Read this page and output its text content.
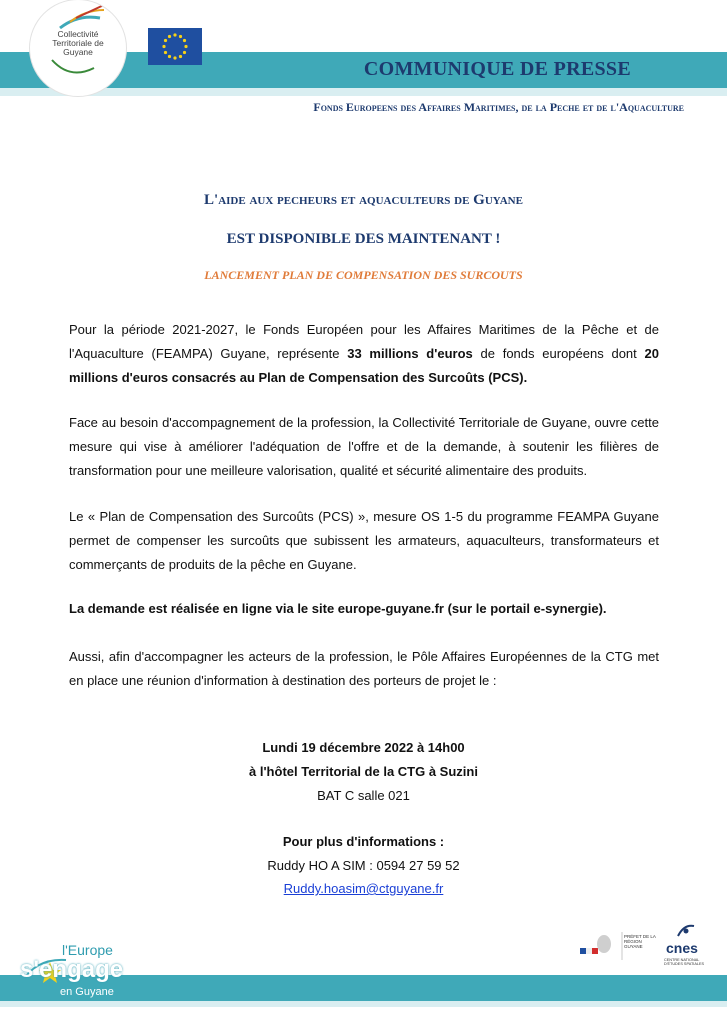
Collectivité Territoriale de Guyane
COMMUNIQUE DE PRESSE
Fonds Europeens des Affaires Maritimes, de la Peche et de l'Aquaculture
L'aide aux pecheurs et aquaculteurs de Guyane
EST DISPONIBLE DES MAINTENANT !
LANCEMENT PLAN DE COMPENSATION DES SURCOUTS
Pour la période 2021-2027, le Fonds Européen pour les Affaires Maritimes de la Pêche et de l'Aquaculture (FEAMPA) Guyane, représente 33 millions d'euros de fonds européens dont 20 millions d'euros consacrés au Plan de Compensation des Surcoûts (PCS).
Face au besoin d'accompagnement de la profession, la Collectivité Territoriale de Guyane, ouvre cette mesure qui vise à améliorer l'adéquation de l'offre et de la demande, à soutenir les filières de transformation pour une meilleure valorisation, qualité et sécurité alimentaire des produits.
Le « Plan de Compensation des Surcoûts (PCS) », mesure OS 1-5 du programme FEAMPA Guyane permet de compenser les surcoûts que subissent les armateurs, aquaculteurs, transformateurs et commerçants de produits de la pêche en Guyane.
La demande est réalisée en ligne via le site europe-guyane.fr (sur le portail e-synergie).
Aussi, afin d'accompagner les acteurs de la profession, le Pôle Affaires Européennes de la CTG met en place une réunion d'information à destination des porteurs de projet le :
Lundi 19 décembre 2022 à 14h00
à l'hôtel Territorial de la CTG à Suzini
BAT C salle 021
Pour plus d'informations :
Ruddy HO A SIM : 0594 27 59 52
Ruddy.hoasim@ctguyane.fr
l'Europe
s'engage
en Guyane
PRÉFET DE LA RÉGION GUYANE	cnes
CENTRE NATIONAL D'ÉTUDES SPATIALES
